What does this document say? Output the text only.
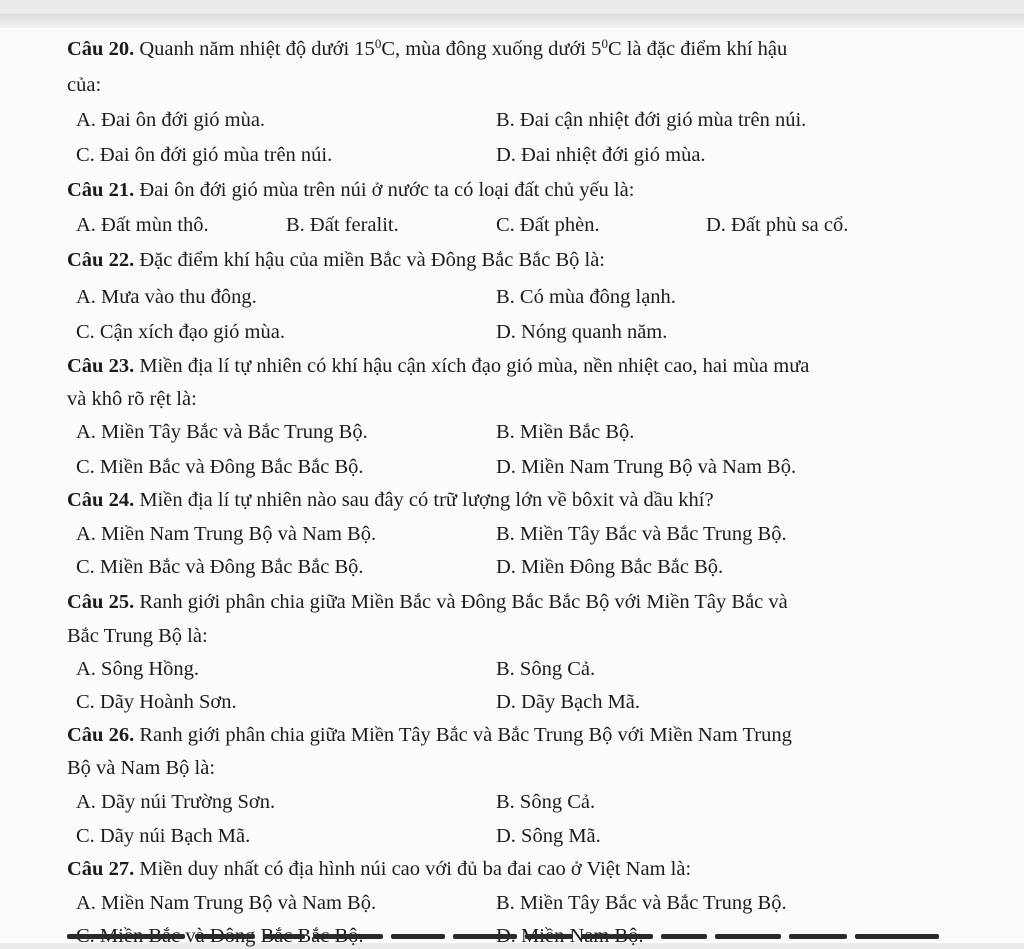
Câu 20. Quanh năm nhiệt độ dưới $15^0C$, mùa đông xuống dưới $5^0C$ là đặc điểm khí hậu
của:
A. Đai ôn đới gió mùa.	B. Đai cận nhiệt đới gió mùa trên núi.
C. Đai ôn đới gió mùa trên núi.	D. Đai nhiệt đới gió mùa.
Câu 21. Đai ôn đới gió mùa trên núi ở nước ta có loại đất chủ yếu là:
A. Đất mùn thô.	B. Đất feralit.	C. Đất phèn.	D. Đất phù sa cổ.
Câu 22. Đặc điểm khí hậu của miền Bắc và Đông Bắc Bắc Bộ là:
A. Mưa vào thu đông.	B. Có mùa đông lạnh.
C. Cận xích đạo gió mùa.	D. Nóng quanh năm.
Câu 23. Miền địa lí tự nhiên có khí hậu cận xích đạo gió mùa, nền nhiệt cao, hai mùa mưa
và khô rõ rệt là:
A. Miền Tây Bắc và Bắc Trung Bộ.	B. Miền Bắc Bộ.
C. Miền Bắc và Đông Bắc Bắc Bộ.	D. Miền Nam Trung Bộ và Nam Bộ.
Câu 24. Miền địa lí tự nhiên nào sau đây có trữ lượng lớn về bôxit và dầu khí?
A. Miền Nam Trung Bộ và Nam Bộ.	B. Miền Tây Bắc và Bắc Trung Bộ.
C. Miền Bắc và Đông Bắc Bắc Bộ.	D. Miền Đông Bắc Bắc Bộ.
Câu 25. Ranh giới phân chia giữa Miền Bắc và Đông Bắc Bắc Bộ với Miền Tây Bắc và
Bắc Trung Bộ là:
A. Sông Hồng.	B. Sông Cả.
C. Dãy Hoành Sơn.	D. Dãy Bạch Mã.
Câu 26. Ranh giới phân chia giữa Miền Tây Bắc và Bắc Trung Bộ với Miền Nam Trung
Bộ và Nam Bộ là:
A. Dãy núi Trường Sơn.	B. Sông Cả.
C. Dãy núi Bạch Mã.	D. Sông Mã.
Câu 27. Miền duy nhất có địa hình núi cao với đủ ba đai cao ở Việt Nam là:
A. Miền Nam Trung Bộ và Nam Bộ.	B. Miền Tây Bắc và Bắc Trung Bộ.
